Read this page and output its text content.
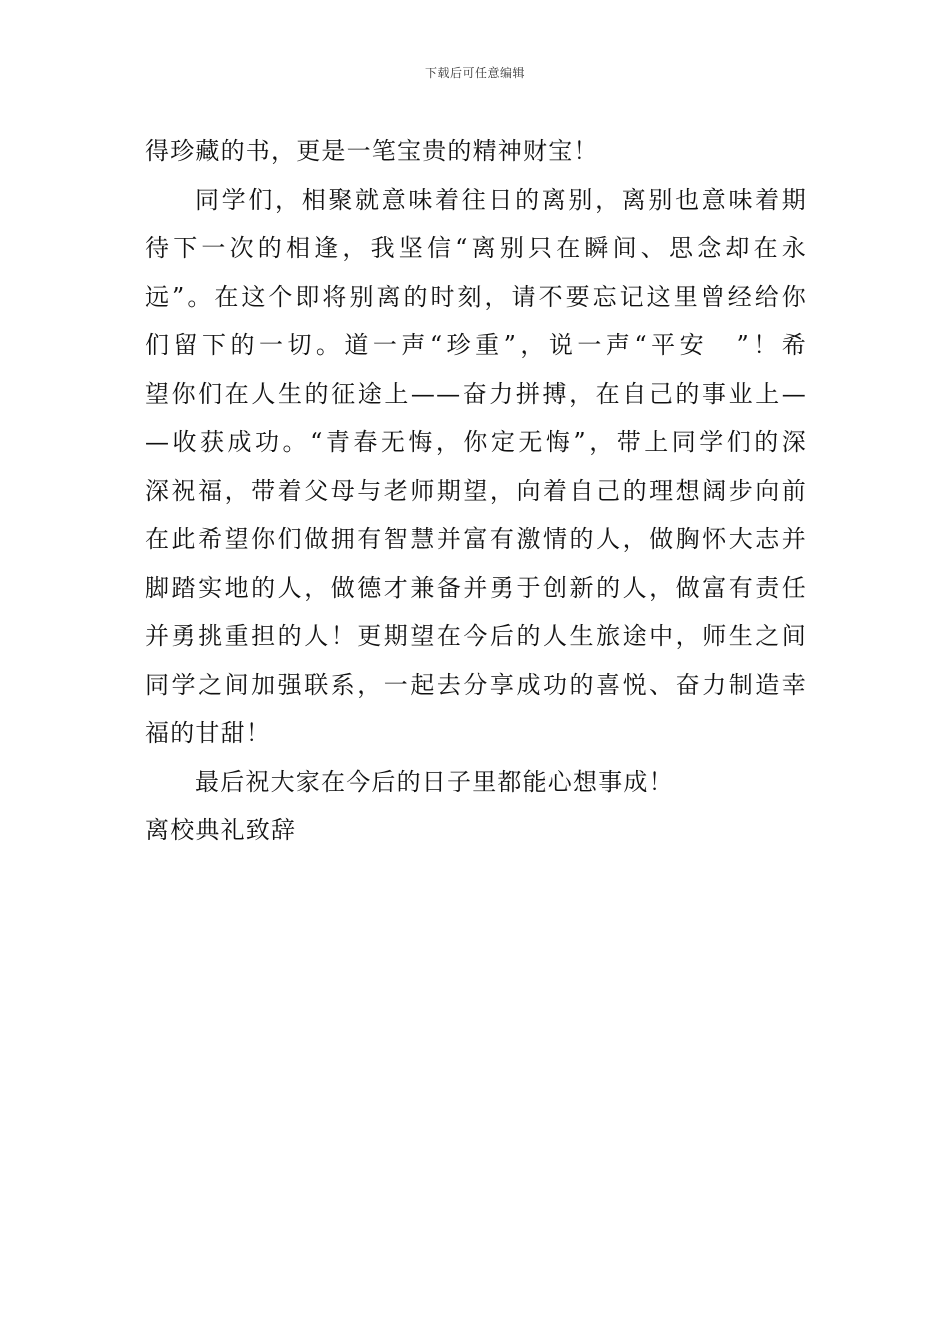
下载后可任意编辑
得珍藏的书，更是一笔宝贵的精神财宝！
同学们，相聚就意味着往日的离别，离别也意味着期
待下一次的相逢，我坚信“离别只在瞬间、思念却在永
远”。在这个即将别离的时刻，请不要忘记这里曾经给你
们留下的一切。道一声“珍重”，说一声“平安　”！希
望你们在人生的征途上——奋力拼搏，在自己的事业上—
—收获成功。“青春无悔，你定无悔”，带上同学们的深
深祝福，带着父母与老师期望，向着自己的理想阔步向前
在此希望你们做拥有智慧并富有激情的人，做胸怀大志并
脚踏实地的人，做德才兼备并勇于创新的人，做富有责任
并勇挑重担的人！更期望在今后的人生旅途中，师生之间
同学之间加强联系，一起去分享成功的喜悦、奋力制造幸
福的甘甜！
最后祝大家在今后的日子里都能心想事成！
离校典礼致辞
